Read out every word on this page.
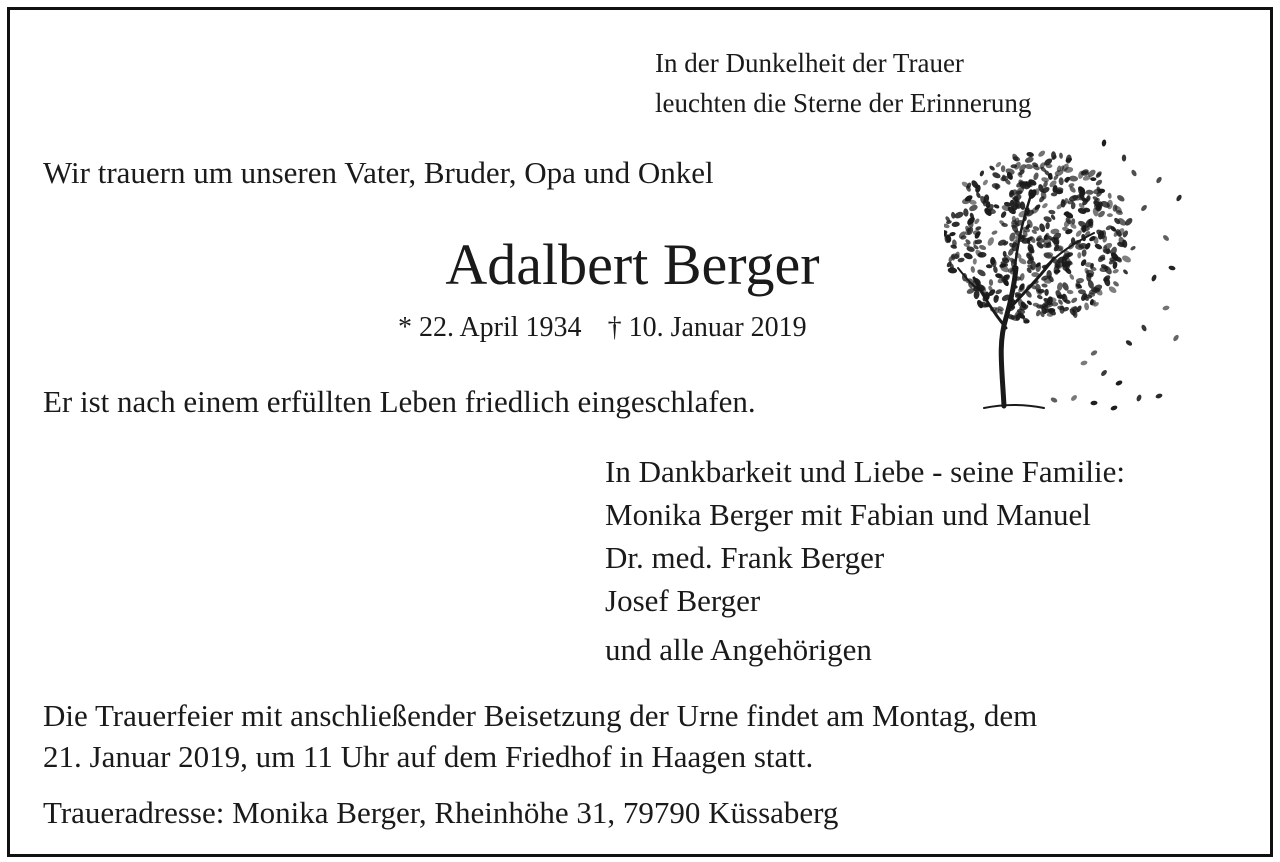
In der Dunkelheit der Trauer
leuchten die Sterne der Erinnerung
Wir trauern um unseren Vater, Bruder, Opa und Onkel
Adalbert Berger
* 22. April 1934 † 10. Januar 2019
Er ist nach einem erfüllten Leben friedlich eingeschlafen.
In Dankbarkeit und Liebe - seine Familie:
Monika Berger mit Fabian und Manuel
Dr. med. Frank Berger
Josef Berger
und alle Angehörigen
Die Trauerfeier mit anschließender Beisetzung der Urne findet am Montag, dem
21. Januar 2019, um 11 Uhr auf dem Friedhof in Haagen statt.
Traueradresse: Monika Berger, Rheinhöhe 31, 79790 Küssaberg
